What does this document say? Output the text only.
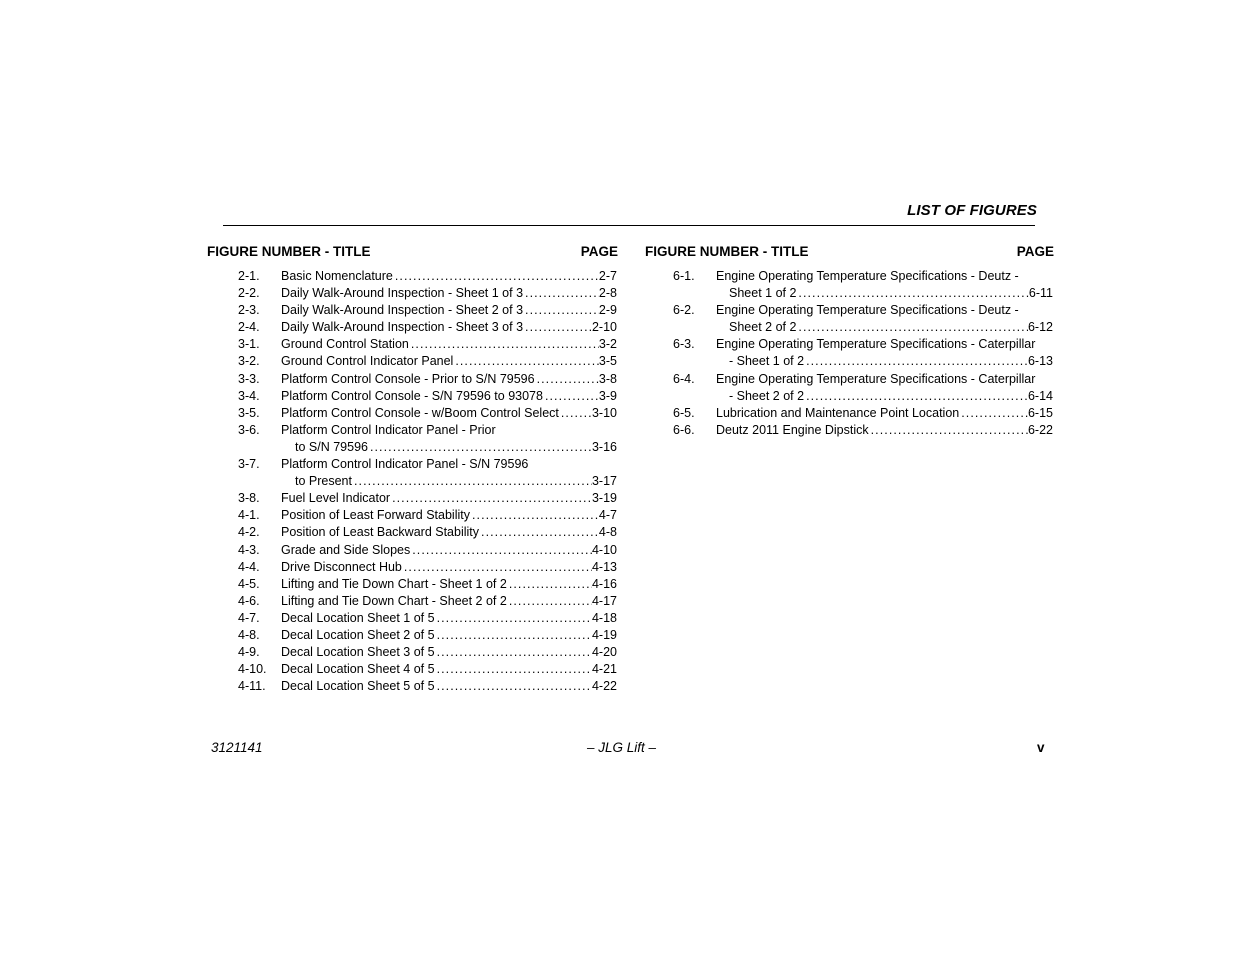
LIST OF FIGURES
FIGURE NUMBER - TITLE	PAGE
2-1. Basic Nomenclature . . .	2-7
2-2. Daily Walk-Around Inspection - Sheet 1 of 3 . . .	2-8
2-3. Daily Walk-Around Inspection - Sheet 2 of 3 . . .	2-9
2-4. Daily Walk-Around Inspection - Sheet 3 of 3 . . .	2-10
3-1. Ground Control Station . . .	3-2
3-2. Ground Control Indicator Panel . . .	3-5
3-3. Platform Control Console - Prior to S/N 79596 . . .	3-8
3-4. Platform Control Console - S/N 79596 to 93078 . . .	3-9
3-5. Platform Control Console - w/Boom Control Select . . .	3-10
3-6. Platform Control Indicator Panel - Prior
to S/N 79596 . . .	3-16
3-7. Platform Control Indicator Panel - S/N 79596
to Present . . .	3-17
3-8. Fuel Level Indicator . . .	3-19
4-1. Position of Least Forward Stability . . .	4-7
4-2. Position of Least Backward Stability . . .	4-8
4-3. Grade and Side Slopes . . .	4-10
4-4. Drive Disconnect Hub . . .	4-13
4-5. Lifting and Tie Down Chart - Sheet 1 of 2 . . .	4-16
4-6. Lifting and Tie Down Chart - Sheet 2 of 2 . . .	4-17
4-7. Decal Location Sheet 1 of 5 . . .	4-18
4-8. Decal Location Sheet 2 of 5 . . .	4-19
4-9. Decal Location Sheet 3 of 5 . . .	4-20
4-10. Decal Location Sheet 4 of 5 . . .	4-21
4-11. Decal Location Sheet 5 of 5 . . .	4-22
FIGURE NUMBER - TITLE	PAGE
6-1. Engine Operating Temperature Specifications - Deutz -
Sheet 1 of 2 . . .	6-11
6-2. Engine Operating Temperature Specifications - Deutz -
Sheet 2 of 2 . . .	6-12
6-3. Engine Operating Temperature Specifications - Caterpillar
- Sheet 1 of 2 . . .	6-13
6-4. Engine Operating Temperature Specifications - Caterpillar
- Sheet 2 of 2 . . .	6-14
6-5. Lubrication and Maintenance Point Location . . .	6-15
6-6. Deutz 2011 Engine Dipstick . . .	6-22
3121141	– JLG Lift –	v
